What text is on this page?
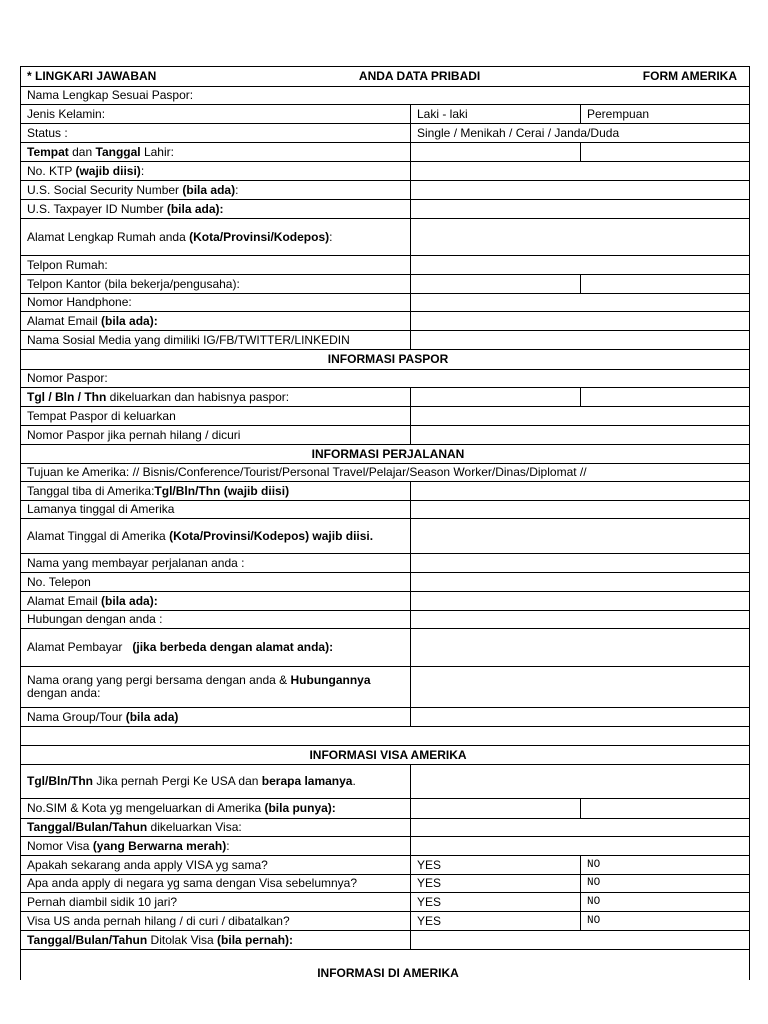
* LINGKARI JAWABAN ANDA DATA PRIBADI FORM AMERIKA		

Nama Lengkap Sesuai Paspor:		
Jenis Kelamin:	Laki - laki	Perempuan
Status :	Single / Menikah / Cerai / Janda/Duda	
Tempat dan Tanggal Lahir:		
No. KTP (wajib diisi):		
U.S. Social Security Number (bila ada):		
U.S. Taxpayer ID Number (bila ada):		
Alamat Lengkap Rumah anda (Kota/Provinsi/Kodepos):		
Telpon Rumah:		
Telpon Kantor (bila bekerja/pengusaha):		
Nomor Handphone:		
Alamat Email (bila ada):		
Nama Sosial Media yang dimiliki IG/FB/TWITTER/LINKEDIN		
INFORMASI PASPOR		
Nomor Paspor:		
Tgl / Bln / Thn dikeluarkan dan habisnya paspor:		
Tempat Paspor di keluarkan		
Nomor Paspor jika pernah hilang / dicuri		
INFORMASI PERJALANAN		
Tujuan ke Amerika: // Bisnis/Conference/Tourist/Personal Travel/Pelajar/Season Worker/Dinas/Diplomat //		
Tanggal tiba di Amerika:Tgl/Bln/Thn (wajib diisi)		
Lamanya tinggal di Amerika		
Alamat Tinggal di Amerika (Kota/Provinsi/Kodepos) wajib diisi.		
Nama yang membayar perjalanan anda :		
No. Telepon		
Alamat Email (bila ada):		
Hubungan dengan anda :		
Alamat Pembayar   (jika berbeda dengan alamat anda):		
Nama orang yang pergi bersama dengan anda & Hubungannya dengan anda:		
Nama Group/Tour (bila ada)		

INFORMASI VISA AMERIKA		
Tgl/Bln/Thn Jika pernah Pergi Ke USA dan berapa lamanya.		
No.SIM & Kota yg mengeluarkan di Amerika (bila punya):		
Tanggal/Bulan/Tahun dikeluarkan Visa:		
Nomor Visa (yang Berwarna merah):		
Apakah sekarang anda apply VISA yg sama?	YES	NO
Apa anda apply di negara yg sama dengan Visa sebelumnya?	YES	NO
Pernah diambil sidik 10 jari?	YES	NO
Visa US anda pernah hilang / di curi / dibatalkan?	YES	NO
Tanggal/Bulan/Tahun Ditolak Visa (bila pernah):		
INFORMASI DI AMERIKA		
